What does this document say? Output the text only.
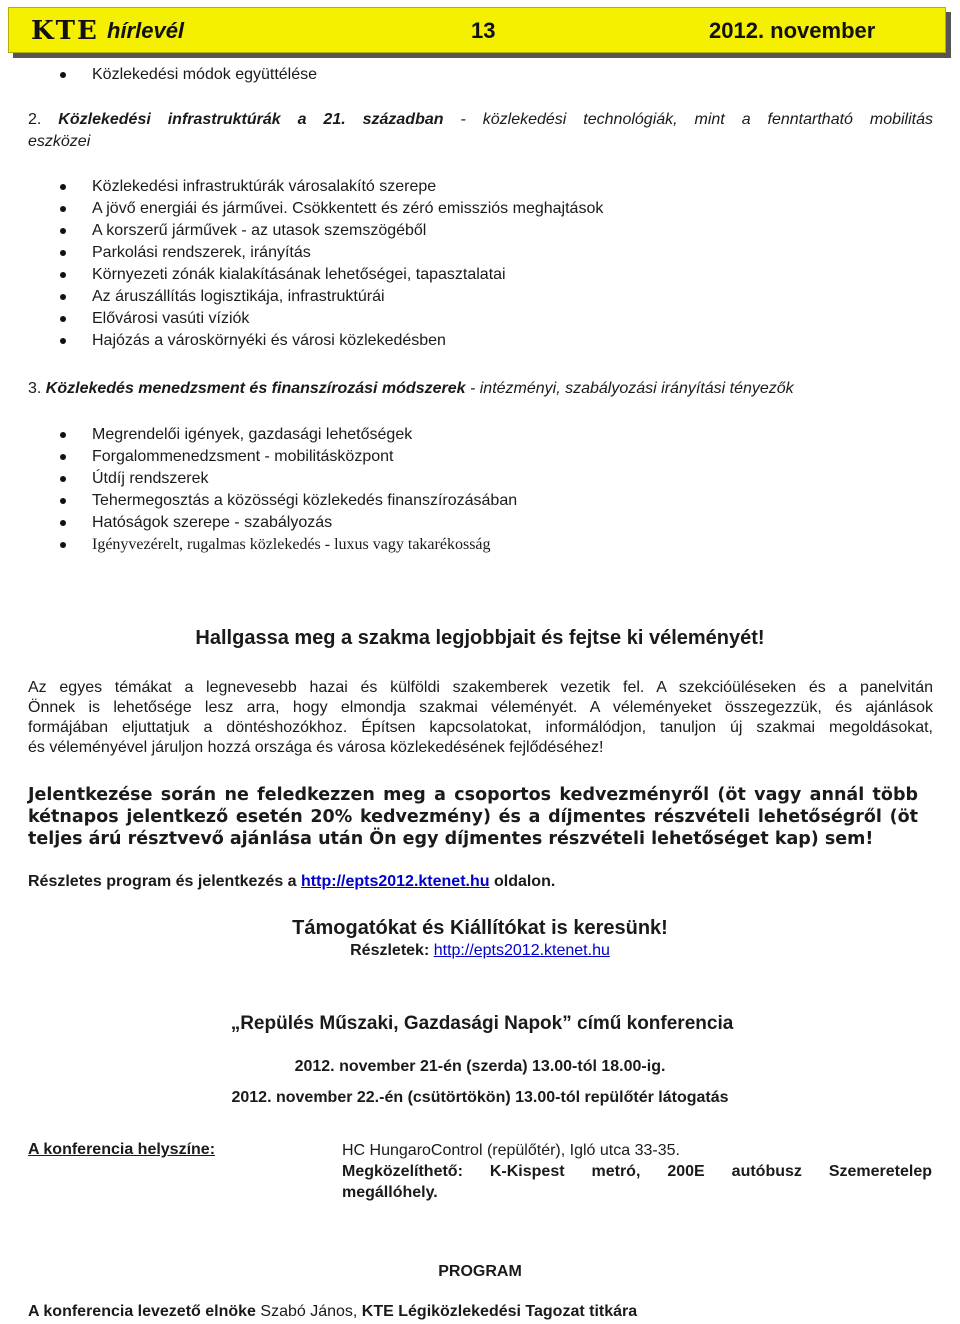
KTE hírlevél	13	2012. november
Közlekedési módok együttélése
2. Közlekedési infrastruktúrák a 21. században - közlekedési technológiák, mint a fenntartható mobilitás
eszközei
Közlekedési infrastruktúrák városalakító szerepe
A jövő energiái és járművei. Csökkentett és zéró emissziós meghajtások
A korszerű járművek - az utasok szemszögéből
Parkolási rendszerek, irányítás
Környezeti zónák kialakításának lehetőségei, tapasztalatai
Az áruszállítás logisztikája, infrastruktúrái
Elővárosi vasúti víziók
Hajózás a városkörnyéki és városi közlekedésben
3. Közlekedés menedzsment és finanszírozási módszerek - intézményi, szabályozási irányítási tényezők
Megrendelői igények, gazdasági lehetőségek
Forgalommenedzsment - mobilitásközpont
Útdíj rendszerek
Tehermegosztás a közösségi közlekedés finanszírozásában
Hatóságok szerepe - szabályozás
Igényvezérelt, rugalmas közlekedés - luxus vagy takarékosság
Hallgassa meg a szakma legjobbjait és fejtse ki véleményét!
Az egyes témákat a legnevesebb hazai és külföldi szakemberek vezetik fel. A szekcióüléseken és a panelvitán
Önnek is lehetősége lesz arra, hogy elmondja szakmai véleményét. A véleményeket összegezzük, és ajánlások
formájában eljuttatjuk a döntéshozókhoz. Építsen kapcsolatokat, informálódjon, tanuljon új szakmai megoldásokat,
és véleményével járuljon hozzá országa és városa közlekedésének fejlődéséhez!
Jelentkezése során ne feledkezzen meg a csoportos kedvezményről (öt vagy annál több
kétnapos jelentkező esetén 20% kedvezmény) és a díjmentes részvételi lehetőségről (öt
teljes árú résztvevő ajánlása után Ön egy díjmentes részvételi lehetőséget kap) sem!
Részletes program és jelentkezés a http://epts2012.ktenet.hu oldalon.
Támogatókat és Kiállítókat is keresünk!
Részletek: http://epts2012.ktenet.hu
„Repülés Műszaki, Gazdasági Napok” című konferencia
2012. november 21-én (szerda) 13.00-tól 18.00-ig.
2012. november 22.-én (csütörtökön) 13.00-tól repülőtér látogatás
A konferencia helyszíne:	HC HungaroControl (repülőtér), Igló utca 33-35.
Megközelíthető: K-Kispest metró, 200E autóbusz Szemeretelep
megállóhely.
PROGRAM
A konferencia levezető elnöke Szabó János, KTE Légiközlekedési Tagozat titkára
